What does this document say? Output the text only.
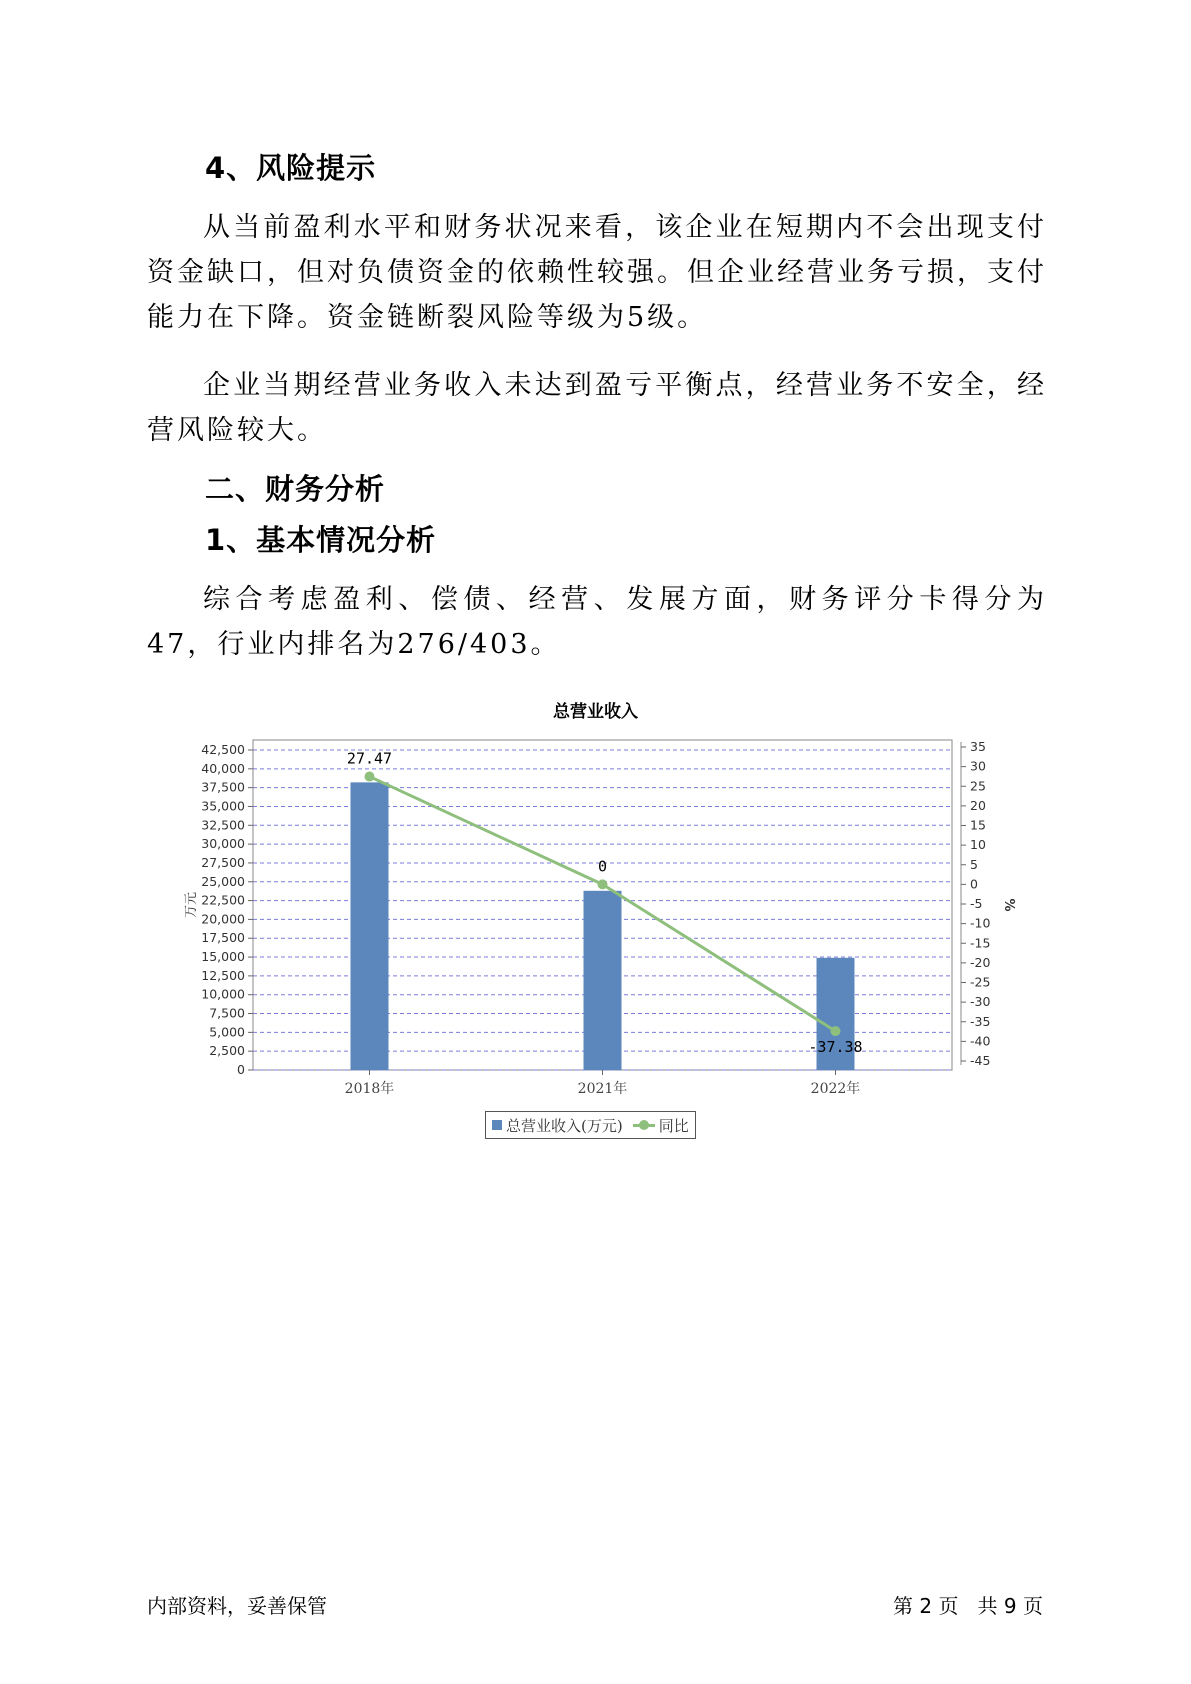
4、风险提示
从当前盈利水平和财务状况来看，该企业在短期内不会出现支付资金缺口，但对负债资金的依赖性较强。但企业经营业务亏损，支付能力在下降。资金链断裂风险等级为5级。
企业当期经营业务收入未达到盈亏平衡点，经营业务不安全，经营风险较大。
二、财务分析
1、基本情况分析
综合考虑盈利、偿债、经营、发展方面，财务评分卡得分为47，行业内排名为276/403。
总营业收入
42,500
40,000
37,500
35,000
32,500
30,000
27,500
25,000
22,500
20,000
17,500
15,000
12,500
10,000
7,500
5,000
2,500
0
万元
35
30
25
20
15
10
5
0
-5
-10
-15
-20
-25
-30
-35
-40
-45
%
2018年	2021年	2022年
27.47
0
-37.38
总营业收入(万元) 同比
内部资料，妥善保管	第 2 页   共 9 页
